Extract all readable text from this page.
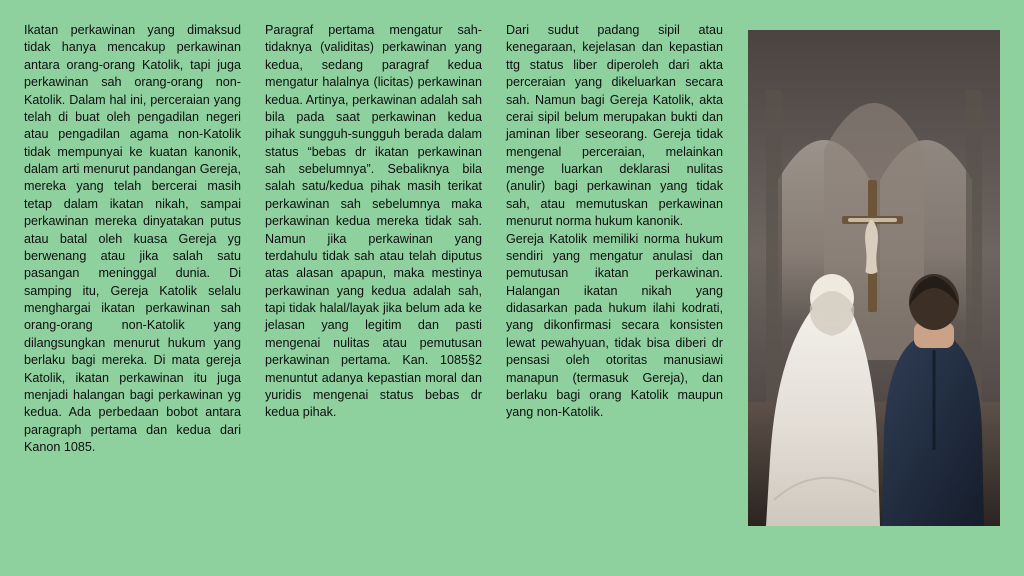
Ikatan perkawinan yang dimaksud tidak hanya mencakup perkawinan antara orang-orang Katolik, tapi juga perkawinan sah orang-orang non-Katolik. Dalam hal ini, perceraian yang telah di buat oleh pengadilan negeri atau pengadilan agama non-Katolik tidak mempunyai ke kuatan kanonik, dalam arti menurut pandangan Gereja, mereka yang telah bercerai masih tetap dalam ikatan nikah, sampai perkawinan mereka dinyatakan putus atau batal oleh kuasa Gereja yg berwenang atau jika salah satu pasangan meninggal dunia. Di samping itu, Gereja Katolik selalu menghargai ikatan perkawinan sah orang-orang non-Katolik yang dilangsungkan menurut hukum yang berlaku bagi mereka. Di mata gereja Katolik, ikatan perkawinan itu juga menjadi halangan bagi perkawinan yg kedua. Ada perbedaan bobot antara paragraph pertama dan kedua dari Kanon 1085.

Paragraf pertama mengatur sah-tidaknya (validitas) perkawinan yang kedua, sedang paragraf kedua mengatur halalnya (licitas) perkawinan kedua. Artinya, perkawinan adalah sah bila pada saat perkawinan kedua pihak sungguh-sungguh berada dalam status “bebas dr ikatan perkawinan sah sebelumnya”. Sebaliknya bila salah satu/kedua pihak masih terikat perkawinan sah sebelumnya maka perkawinan kedua mereka tidak sah. Namun jika perkawinan yang terdahulu tidak sah atau telah diputus atas alasan apapun, maka mestinya perkawinan yang kedua adalah sah, tapi tidak halal/layak jika belum ada ke jelasan yang legitim dan pasti mengenai nulitas atau pemutusan perkawinan pertama. Kan. 1085§2 menuntut adanya kepastian moral dan yuridis mengenai status bebas dr kedua pihak.

Dari sudut padang sipil atau kenegaraan, kejelasan dan kepastian ttg status liber diperoleh dari akta perceraian yang dikeluarkan secara sah. Namun bagi Gereja Katolik, akta cerai sipil belum merupakan bukti dan jaminan liber seseorang. Gereja tidak mengenal perceraian, melainkan menge luarkan deklarasi nulitas (anulir) bagi perkawinan yang tidak sah, atau memutuskan perkawinan menurut norma hukum kanonik.

Gereja Katolik memiliki norma hukum sendiri yang mengatur anulasi dan pemutusan ikatan perkawinan. Halangan ikatan nikah yang didasarkan pada hukum ilahi kodrati, yang dikonfirmasi secara konsisten lewat pewahyuan, tidak bisa diberi dr pensasi oleh otoritas manusiawi manapun (termasuk Gereja), dan berlaku bagi orang Katolik maupun yang non-Katolik.
